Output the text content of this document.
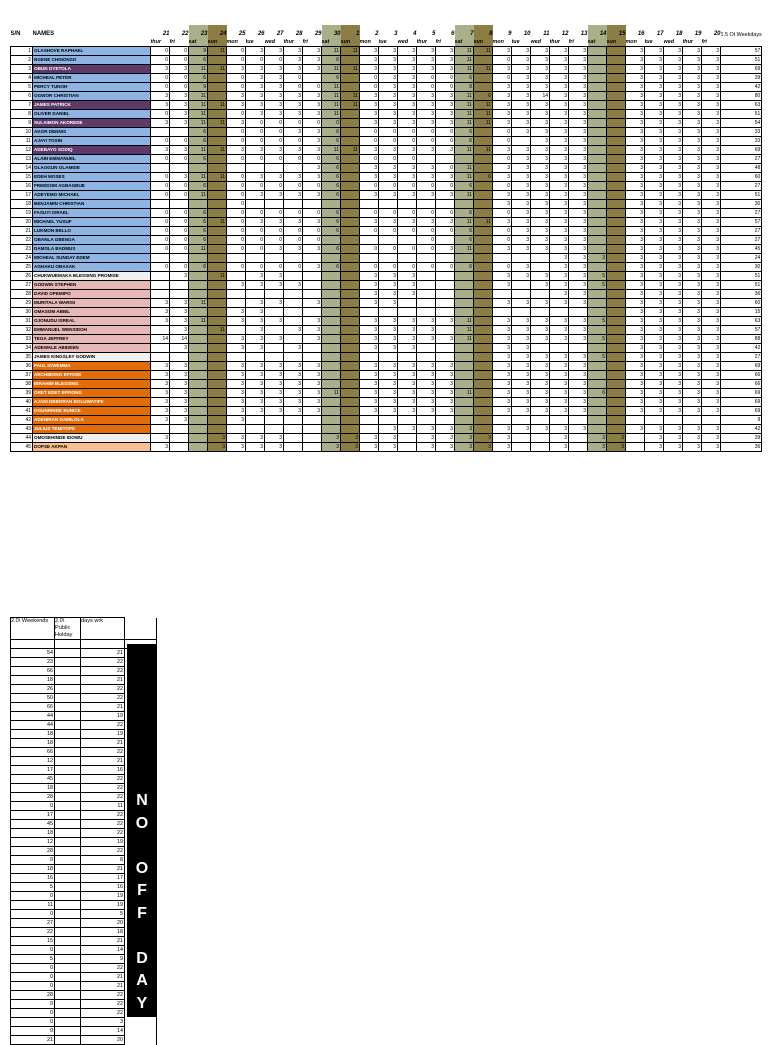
S/N	NAMES	21	22	23	24	25	26	27	28	29	30	1	2	3	4	5	6	7	8	9	10	11	12	13	14	15	16	17	18	19	20	1.5 Ot Weekdays
		thur	fri	sat	sun	mon	tue	wed	thur	fri	sat	sun	mon	tue	wed	thur	fri	sat	sun	mon	tue	wed	thur	fri	sat	sun	mon	tue	wed	thur	fri	
1	OLASHOVE RAPHAEL	0	0	9	11	0	3	3	3	3	11	11	3	3	3	3	3	11	11	3	3	3	3	3			3	3	3	3	3	57
2	NGENE CHINONSO	0	0	6		0	0	0	3	3	6		3	3	3	3	3	11		0	3	3	3	3			3	3	3	3	3	51
3	OBUN OYETOLA	3	3	11	11	3	3	3	3	3	11	11	3	3	3	3	3	11	11	3	3	3	3	3			3	3	3	3	3	69
4	MICHEAL PETER	0	0	6		0	3	3	0		6		0	3	3	0	0	6		0	3	3	3	3			3	3	3	3	3	39
5	PERCY TUNOH	0	0	9		0	3	3	0	0	11		0	3	3	0	0	8		3	3	3	3	3			3	3	3	3	3	42
6	OGWOR CHRISTIAN	3	3	11		3	3	3	3	3	11	11	3	3	3	3	3	11	6	3	3	14	3	3			3	3	3	3	3	80
7	JAMES PATRICK	3	3	11	11	3	3	3	3	3	11	11	3	3	3	3	3	11	11	3	3	3	3	3			3	3	3	3	3	63
8	OLIVER DANIEL	0	3	11		0	3	3	3	3	11		3	3	3	3	3	11	11	3	3	3	3	3			3	3	3	3	3	51
9	SULAIMON AKOREDE	3	3	11	11	3	0	0	0	0	0		3	3	3	3	3	11	11	3	3	3	3	3			3	3	3	3	3	54
10	AKOR DENNIS			6		0	0	0	3	3	6		0	0	0	0	0	6		0	3	3	3	3			3	3	3	3	3	33
11	AJAYI TOSIN	0	0	6		0	0	0	0	3	6		0	0	0	0	0	6		0		3	3	3			3	3	3	3	3	33
12	ADEBAYO SODIQ	3	3	11	11	3	3	3	3	3	11	11	3	3	3	3	3	11	11	3	3	3	3	3			3	3	3	3	3	69
13	ALABI EMMANUEL	0	0	6		0	0	0	0	0	6		0	0	0					0	3	3	3	3			3	3	3	3	3	27
14	OLAOGUN OLAMIDE									3	6		3	3	3	3	0	11		3	3	3	3	3			3	3	3	3	3	48
15	EDEH MOSES	0	3	11	11	0	3	3	3	3	6		3	3	3	3	3	11	6	3	3	3	3	3			3	3	3	3	3	60
16	FREEDOM AGBAGBUE	0	0	6		0	0	0	0	0	6		0	0	0	0	0	6		0	3	3	3	3			3	3	3	3	3	27
17	ADEYEMO MICHAEL	0	0	11		0	3	3	3	3	6		3	3	3	3	3	11		3	3	3	3	3			3	3	3	3	3	51
18	BENJAMIN CHRISTIAN					0														3	3	3	3	3			3	3	3	3	3	30
19	FASUYI ISRAEL	0	0	6		0	0	0	0	0	6		0	0	0	0	0	6		0	3	3	3	3			3	3	3	3	3	27
20	MICHAEL YUSUF	0	0	6	11	0	3	3	3	3	6		3	3	3	3	3	11	11	3	3	3	3	3			3	3	3	3	3	57
21	LUKMON BELLO	0	0	6		0	0	0	0	0	6		0	0	0	0	0	6		0	3	3	3	3			3	3	3	3	3	27
22	OBANLA GBENGA	0	0	6		0	0	0	0	0						0		6		0	3	3	3	3			3	3	3	3	3	27
23	DAMOLA BADMUS	0	0	11		0	0	3	3	3	6		0	0	0	0	3	11		3	3	3	3	3			3	3	3	3	3	45
24	MICHEAL SUNDAY EDEM																						3	3	3		3	3	3	3	3	24
25	AGHAKU OBASAK	0	0	6		0	0	0	0	3	6		0	0	0	0	0	6		0	3		3	3			3	3	3	3	3	30
26	CHUKWUEMAKA BLESSING PROMISE		3		11		3	3					3	3	3					3	3	3	3	3	5		3	3	3	3	3	51
27	GODWIN STEPHEN					3	3	3	3				3	3	3					3		3	3	3	5		3	3	3	3	3	51
28	DAVID OPEMIPO												3	3	3								3	3			3	3	3	3	3	36
29	MURITALA WARISI	3	3	11			3	3		3			3	3						3	3	3	3	3			3	3	3	3	3	60
30	OMASOM ABIEL	3	3			3	3																				3	3	3	3	3	15
31	OJONUDU ISREAL	3	3	11		3	3	3		3			3	3	3	3	3	11		3	3	3	3	3	5		3	3	3	3	3	63
32	EMMANUEL WENSIDOH		3		11		3		3	3			3	3	3	3		11		3	3	3	3	3			3	3	3	3	3	57
33	TEGA JEFFREY	14	14			3	3	3		3			3	3	3	3	3	11		3	3	3	3	3	5		3	3	3	3	3	88
34	ADEWALE ABIDEEN		3			3	3		3				3	3	3					3	3						3	3	3	3	3	42
35	JAMES KINGSLEY GODWIN																			3	3	3	3	3	5		3	3	3	3	3	27
36	PAUL IGWEMMA	3	3			3	3	3	3	3			3	3	3	3	3			3	3	3	3	3			3	3	3	3	3	69
37	ARCHIBONG EFFIOM	3	3			3	3	3	3	3			3	3	3	3	3			3	3	3	3	3			3	3	3	3	3	66
38	IBRAHIM BLESSING	3	3			3	3	3	3	3			3	3	3	3	3			3	3	3	3	3			3	3	3	3	3	66
39	ORET EDET EFFIONG	3	3			3	3	3	3	3	11		3	3	3	3	3	11		3	3	3	3	3	6		3	3	3	3	3	69
40	AJADI DEBORAH BOLUWATIFE	3	3			3	3	3	3	3			3	3	3	3	3			3	3	3	3	3			3	3	3	3	3	69
41	OGUNRINDE EUNICE	3	3			3	3	3	3	3			3	3	3	3	3			3	3	3	3	3			3	3	3	3	3	69
42	ADENIRAN DAMILOLA	3	3			3																										9
43	JULIUS TEMITOPE													3	3	3	3	3		3	3	3	3	3			3	3	3	3	3	42
44	OMOSEHINDE IDOWU	3			3	3	3	3			3	3	3	3		3	3	3	3	3			3		3	3		3	3	3	3	39
45	DOPSE AKPAN	3			3	3	3	3			3	3	3	3		3	3	3	3	3			3		3	3		3	3	3	3	36
2.0\ Weekends	2.0\ Public Holday	days wrk	

54		21	
23		22	
66		22	
18		21	
26		22	
50		22	
66		21	
44		19	
44		22	
18		19	
18		21	
66		22	
12		21	
17		16	
45		22	
18		22	
28		22	
0		11	
17		22	
45		22	
18		22	
12		19	
28		22	
0		8	
18		21	
16		17	
5		16	
0		19	
11		19	
0		5	
27		20	
22		18	
15		21	
0		14	
5		9	
0		22	
0		21	
0		21	
28		22	
0		22	
0		22	
0		3	
0		14	
21		20	
N
O
O
F
F
D
A
Y
S
